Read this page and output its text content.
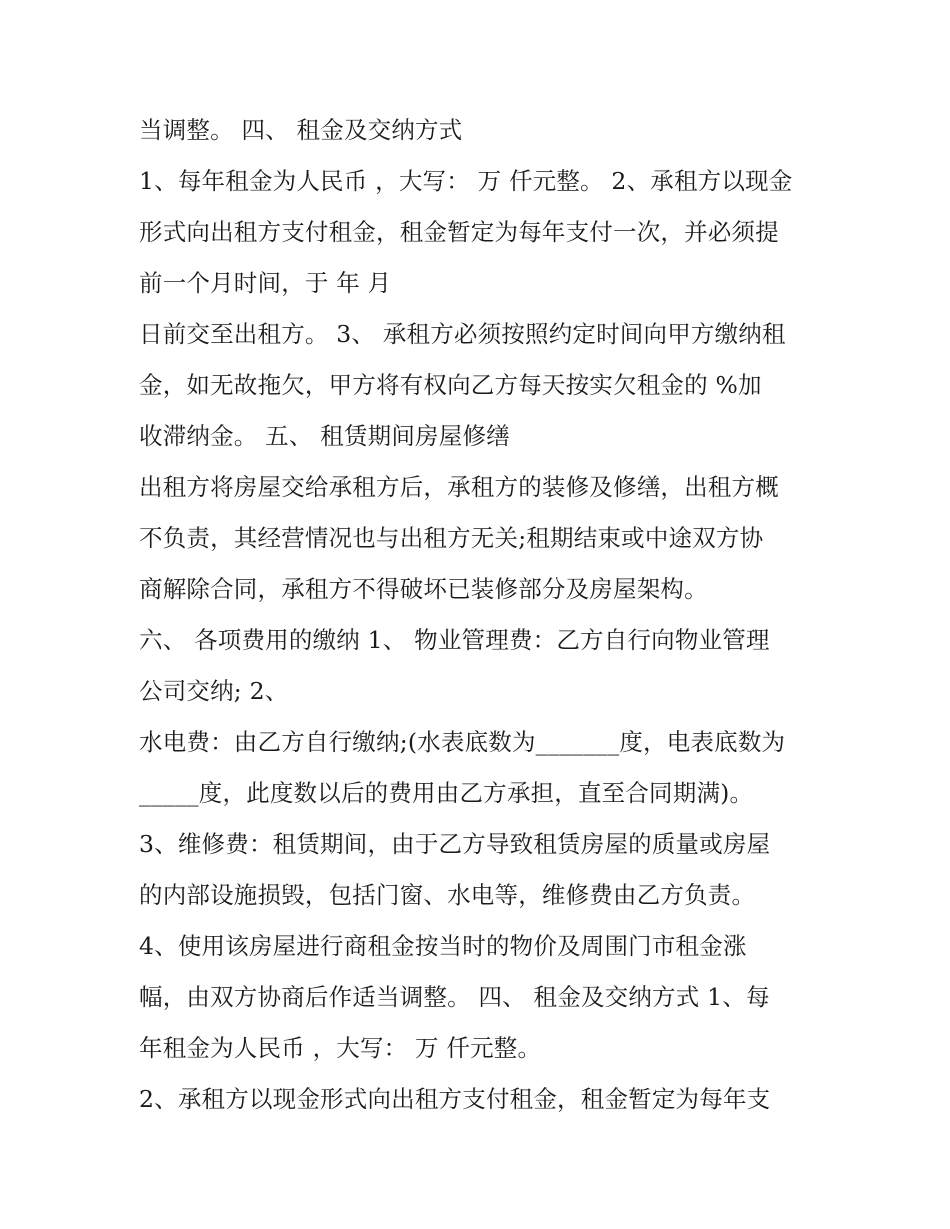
当调整。 四、 租金及交纳方式
1、每年租金为人民币 ，大写： 万 仟元整。 2、承租方以现金
形式向出租方支付租金，租金暂定为每年支付一次，并必须提
前一个月时间，于 年 月
日前交至出租方。 3、 承租方必须按照约定时间向甲方缴纳租
金，如无故拖欠，甲方将有权向乙方每天按实欠租金的 %加
收滞纳金。 五、 租赁期间房屋修缮
出租方将房屋交给承租方后，承租方的装修及修缮，出租方概
不负责，其经营情况也与出租方无关;租期结束或中途双方协
商解除合同，承租方不得破坏已装修部分及房屋架构。
六、 各项费用的缴纳 1、 物业管理费：乙方自行向物业管理
公司交纳; 2、
水电费：由乙方自行缴纳;(水表底数为_______度，电表底数为
_____度，此度数以后的费用由乙方承担，直至合同期满)。
3、维修费：租赁期间，由于乙方导致租赁房屋的质量或房屋
的内部设施损毁，包括门窗、水电等，维修费由乙方负责。
4、使用该房屋进行商租金按当时的物价及周围门市租金涨
幅，由双方协商后作适当调整。 四、 租金及交纳方式 1、每
年租金为人民币 ，大写： 万 仟元整。
2、承租方以现金形式向出租方支付租金，租金暂定为每年支
